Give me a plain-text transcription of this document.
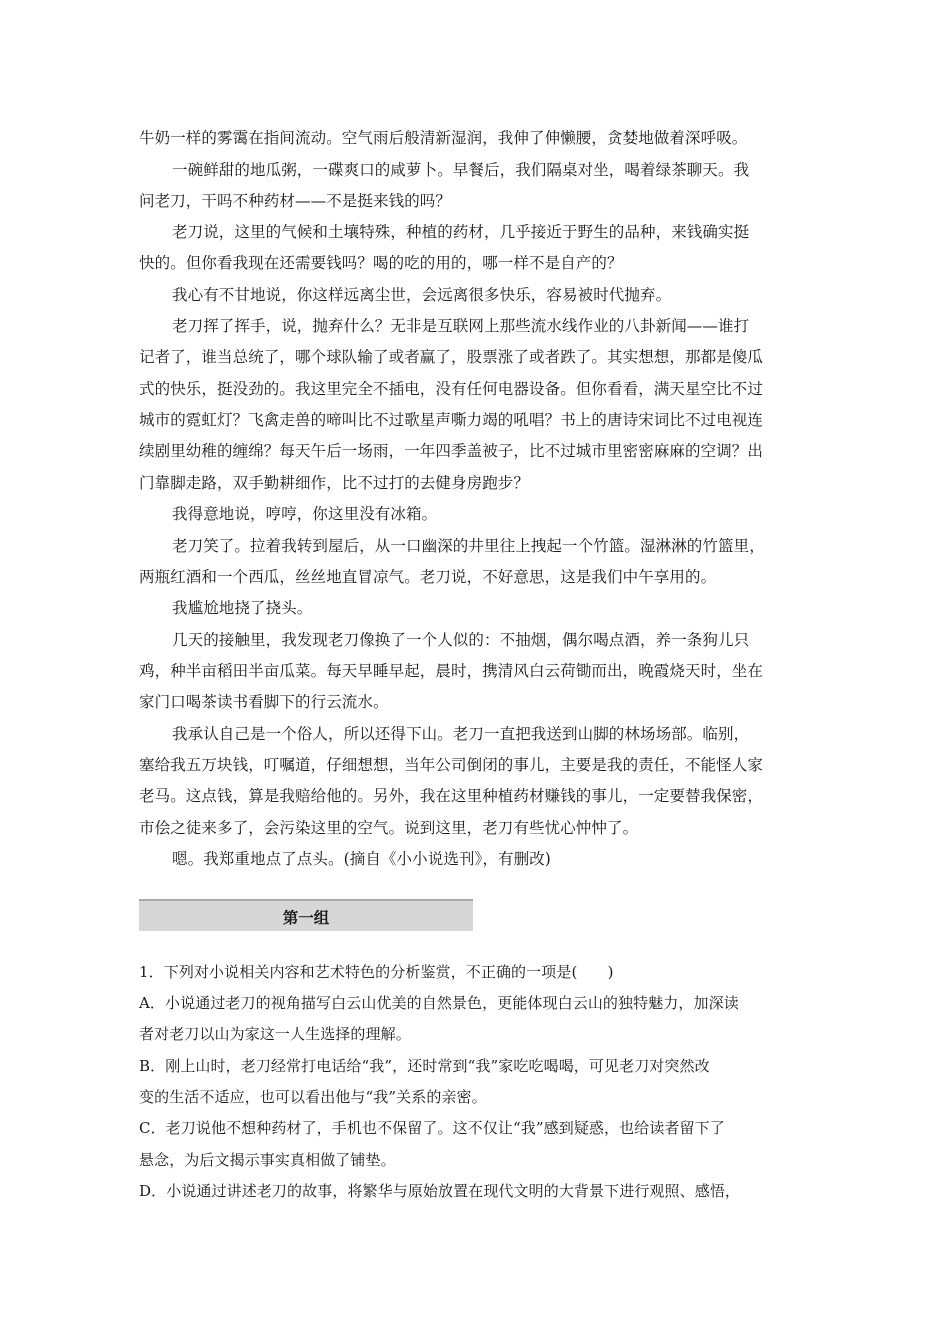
牛奶一样的雾霭在指间流动。空气雨后般清新湿润，我伸了伸懒腰，贪婪地做着深呼吸。
一碗鲜甜的地瓜粥，一碟爽口的咸萝卜。早餐后，我们隔桌对坐，喝着绿茶聊天。我
问老刀，干吗不种药材——不是挺来钱的吗？
老刀说，这里的气候和土壤特殊，种植的药材，几乎接近于野生的品种，来钱确实挺
快的。但你看我现在还需要钱吗？喝的吃的用的，哪一样不是自产的？
我心有不甘地说，你这样远离尘世，会远离很多快乐，容易被时代抛弃。
老刀挥了挥手，说，抛弃什么？无非是互联网上那些流水线作业的八卦新闻——谁打
记者了，谁当总统了，哪个球队输了或者赢了，股票涨了或者跌了。其实想想，那都是傻瓜
式的快乐，挺没劲的。我这里完全不插电，没有任何电器设备。但你看看，满天星空比不过
城市的霓虹灯？飞禽走兽的啼叫比不过歌星声嘶力竭的吼唱？书上的唐诗宋词比不过电视连
续剧里幼稚的缠绵？每天午后一场雨，一年四季盖被子，比不过城市里密密麻麻的空调？出
门靠脚走路，双手勤耕细作，比不过打的去健身房跑步？
我得意地说，哼哼，你这里没有冰箱。
老刀笑了。拉着我转到屋后，从一口幽深的井里往上拽起一个竹篮。湿淋淋的竹篮里，
两瓶红酒和一个西瓜，丝丝地直冒凉气。老刀说，不好意思，这是我们中午享用的。
我尴尬地挠了挠头。
几天的接触里，我发现老刀像换了一个人似的：不抽烟，偶尔喝点酒，养一条狗儿只
鸡，种半亩稻田半亩瓜菜。每天早睡早起，晨时，携清风白云荷锄而出，晚霞烧天时，坐在
家门口喝茶读书看脚下的行云流水。
我承认自己是一个俗人，所以还得下山。老刀一直把我送到山脚的林场场部。临别，
塞给我五万块钱，叮嘱道，仔细想想，当年公司倒闭的事儿，主要是我的责任，不能怪人家
老马。这点钱，算是我赔给他的。另外，我在这里种植药材赚钱的事儿，一定要替我保密，
市侩之徒来多了，会污染这里的空气。说到这里，老刀有些忧心忡忡了。
嗯。我郑重地点了点头。(摘自《小小说选刊》，有删改)
第一组
1．下列对小说相关内容和艺术特色的分析鉴赏，不正确的一项是(　　)
A．小说通过老刀的视角描写白云山优美的自然景色，更能体现白云山的独特魅力，加深读
者对老刀以山为家这一人生选择的理解。
B．刚上山时，老刀经常打电话给“我”，还时常到“我”家吃吃喝喝，可见老刀对突然改
变的生活不适应，也可以看出他与“我”关系的亲密。
C．老刀说他不想种药材了，手机也不保留了。这不仅让“我”感到疑惑，也给读者留下了
悬念，为后文揭示事实真相做了铺垫。
D．小说通过讲述老刀的故事，将繁华与原始放置在现代文明的大背景下进行观照、感悟，
